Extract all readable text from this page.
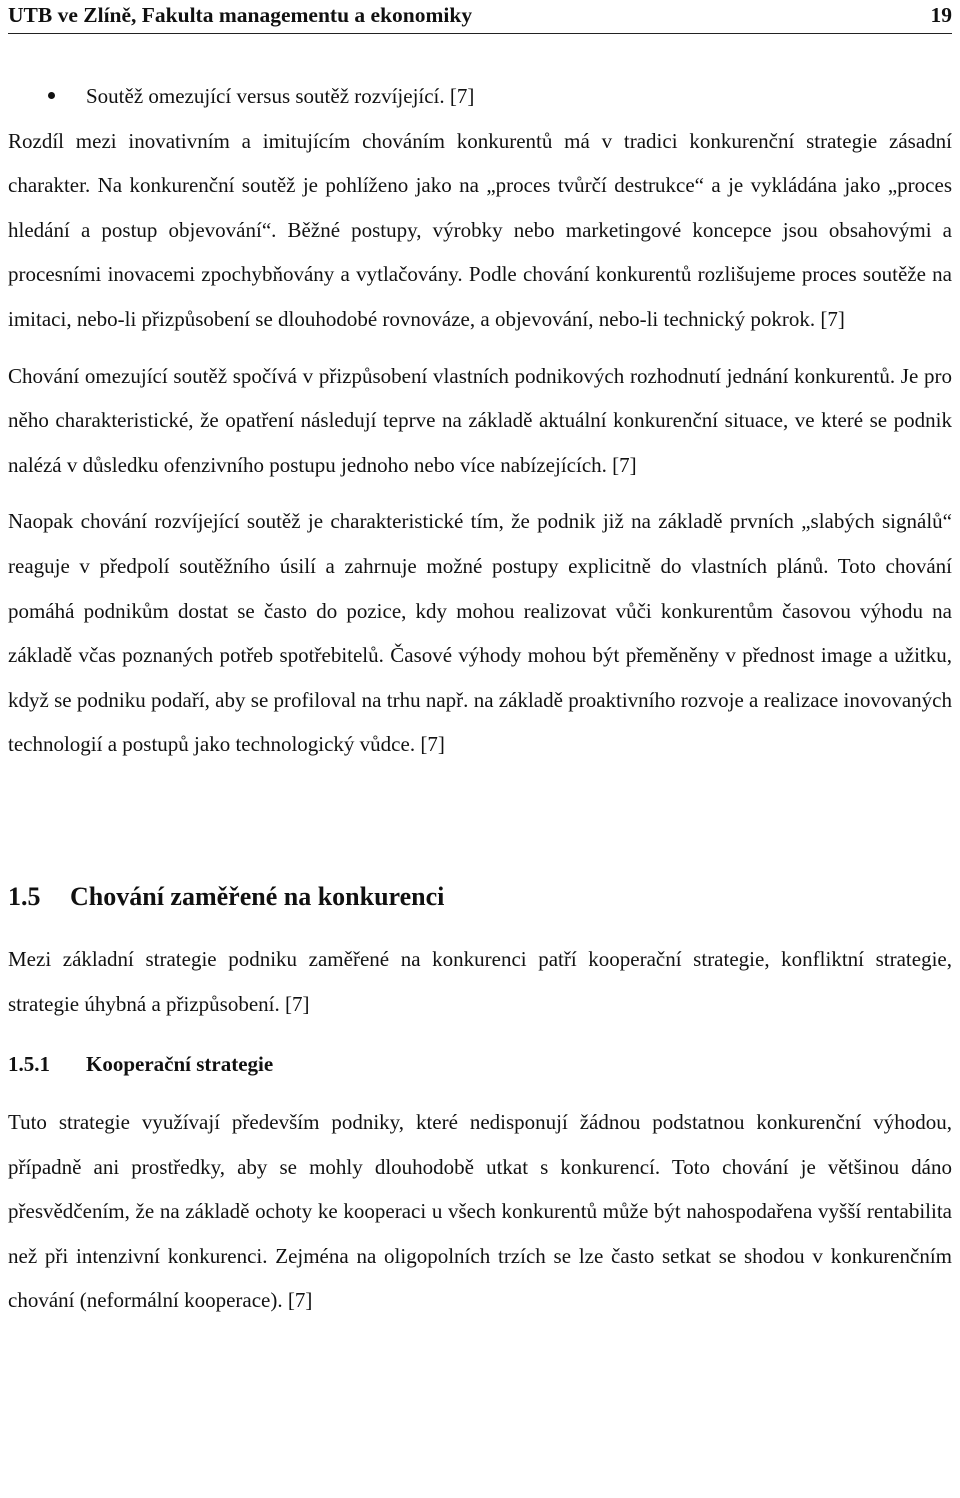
UTB ve Zlíně, Fakulta managementu a ekonomiky	19

Soutěž omezující versus soutěž rozvíjející. [7]

Rozdíl mezi inovativním a imitujícím chováním konkurentů má v tradici konkurenční strategie zásadní charakter. Na konkurenční soutěž je pohlíženo jako na „proces tvůrčí destrukce“ a je vykládána jako „proces hledání a postup objevování“. Běžné postupy, výrobky nebo marketingové koncepce jsou obsahovými a procesními inovacemi zpochybňovány a vytlačovány. Podle chování konkurentů rozlišujeme proces soutěže na imitaci, nebo-li přizpůsobení se dlouhodobé rovnováze, a objevování, nebo-li technický pokrok. [7]

Chování omezující soutěž spočívá v přizpůsobení vlastních podnikových rozhodnutí jednání konkurentů. Je pro něho charakteristické, že opatření následují teprve na základě aktuální konkurenční situace, ve které se podnik nalézá v důsledku ofenzivního postupu jednoho nebo více nabízejících. [7]

Naopak chování rozvíjející soutěž je charakteristické tím, že podnik již na základě prvních „slabých signálů“ reaguje v předpolí soutěžního úsilí a zahrnuje možné postupy explicitně do vlastních plánů. Toto chování pomáhá podnikům dostat se často do pozice, kdy mohou realizovat vůči konkurentům časovou výhodu na základě včas poznaných potřeb spotřebitelů. Časové výhody mohou být přeměněny v přednost image a užitku, když se podniku podaří, aby se profiloval na trhu např. na základě proaktivního rozvoje a realizace inovovaných technologií a postupů jako technologický vůdce. [7]

1.5	Chování zaměřené na konkurenci

Mezi základní strategie podniku zaměřené na konkurenci patří kooperační strategie, konfliktní strategie, strategie úhybná a přizpůsobení. [7]

1.5.1	Kooperační strategie

Tuto strategie využívají především podniky, které nedisponují žádnou podstatnou konkurenční výhodou, případně ani prostředky, aby se mohly dlouhodobě utkat s konkurencí. Toto chování je většinou dáno přesvědčením, že na základě ochoty ke kooperaci u všech konkurentů může být nahospodařena vyšší rentabilita než při intenzivní konkurenci. Zejména na oligopolních trzích se lze často setkat se shodou v konkurenčním chování (neformální kooperace). [7]
